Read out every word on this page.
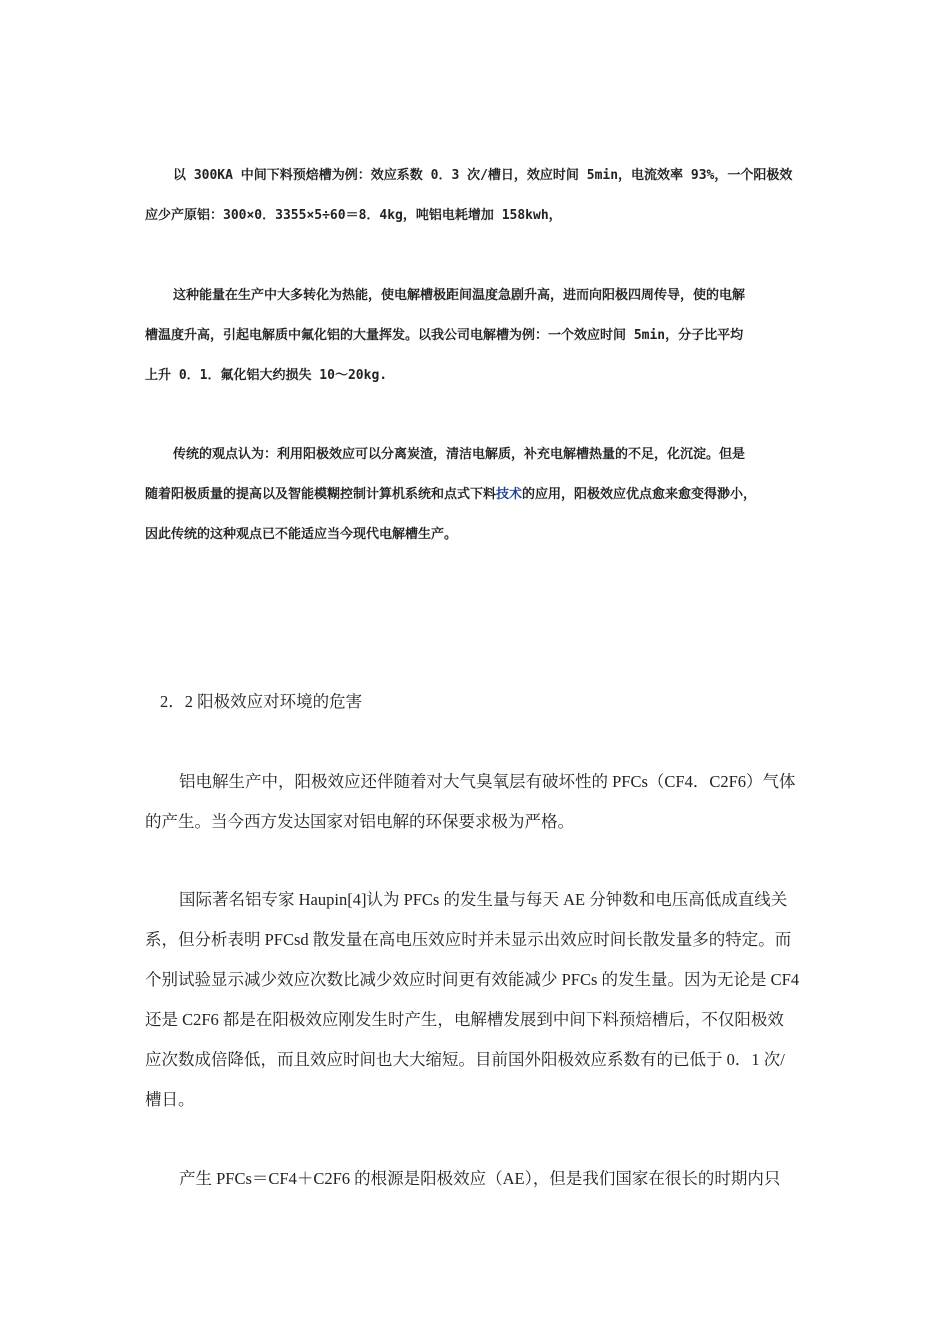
以 300KA 中间下料预焙槽为例：效应系数 0．3 次/槽日，效应时间 5min，电流效率 93%，一个阳极效
应少产原铝：300×0．3355×5÷60＝8．4kg，吨铝电耗增加 158kwh，
这种能量在生产中大多转化为热能，使电解槽极距间温度急剧升高，进而向阳极四周传导，使的电解
槽温度升高，引起电解质中氟化铝的大量挥发。以我公司电解槽为例：一个效应时间 5min，分子比平均
上升 0．1．氟化铝大约损失 10～20kg.
传统的观点认为：利用阳极效应可以分离炭渣，清洁电解质，补充电解槽热量的不足，化沉淀。但是
随着阳极质量的提高以及智能模糊控制计算机系统和点式下料技术的应用，阳极效应优点愈来愈变得渺小，
因此传统的这种观点已不能适应当今现代电解槽生产。
2．2 阳极效应对环境的危害
铝电解生产中，阳极效应还伴随着对大气臭氧层有破坏性的 PFCs（CF4．C2F6）气体
的产生。当今西方发达国家对铝电解的环保要求极为严格。
国际著名铝专家 Haupin[4]认为 PFCs 的发生量与每天 AE 分钟数和电压高低成直线关
系，但分析表明 PFCsd 散发量在高电压效应时并未显示出效应时间长散发量多的特定。而
个别试验显示减少效应次数比减少效应时间更有效能减少 PFCs 的发生量。因为无论是 CF4
还是 C2F6 都是在阳极效应刚发生时产生，电解槽发展到中间下料预焙槽后，不仅阳极效
应次数成倍降低，而且效应时间也大大缩短。目前国外阳极效应系数有的已低于 0．1 次/
槽日。
产生 PFCs＝CF4＋C2F6 的根源是阳极效应（AE），但是我们国家在很长的时期内只
